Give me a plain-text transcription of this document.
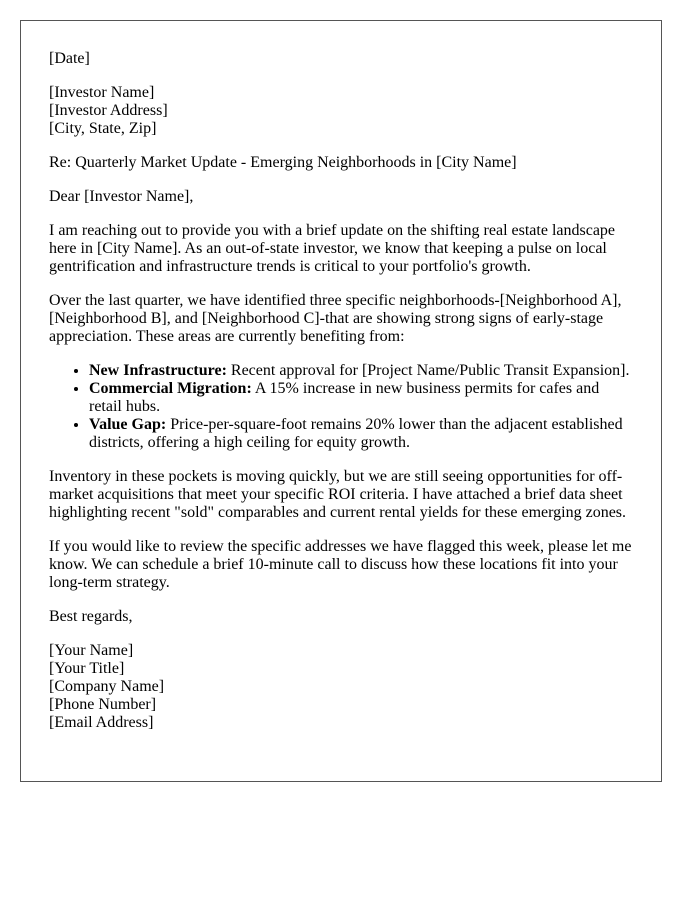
[Date]

[Investor Name]
[Investor Address]
[City, State, Zip]

Re: Quarterly Market Update - Emerging Neighborhoods in [City Name]

Dear [Investor Name],

I am reaching out to provide you with a brief update on the shifting real estate landscape here in [City Name]. As an out-of-state investor, we know that keeping a pulse on local gentrification and infrastructure trends is critical to your portfolio's growth.

Over the last quarter, we have identified three specific neighborhoods-[Neighborhood A], [Neighborhood B], and [Neighborhood C]-that are showing strong signs of early-stage appreciation. These areas are currently benefiting from:

• New Infrastructure: Recent approval for [Project Name/Public Transit Expansion].
• Commercial Migration: A 15% increase in new business permits for cafes and retail hubs.
• Value Gap: Price-per-square-foot remains 20% lower than the adjacent established districts, offering a high ceiling for equity growth.

Inventory in these pockets is moving quickly, but we are still seeing opportunities for off-market acquisitions that meet your specific ROI criteria. I have attached a brief data sheet highlighting recent "sold" comparables and current rental yields for these emerging zones.

If you would like to review the specific addresses we have flagged this week, please let me know. We can schedule a brief 10-minute call to discuss how these locations fit into your long-term strategy.

Best regards,

[Your Name]
[Your Title]
[Company Name]
[Phone Number]
[Email Address]
